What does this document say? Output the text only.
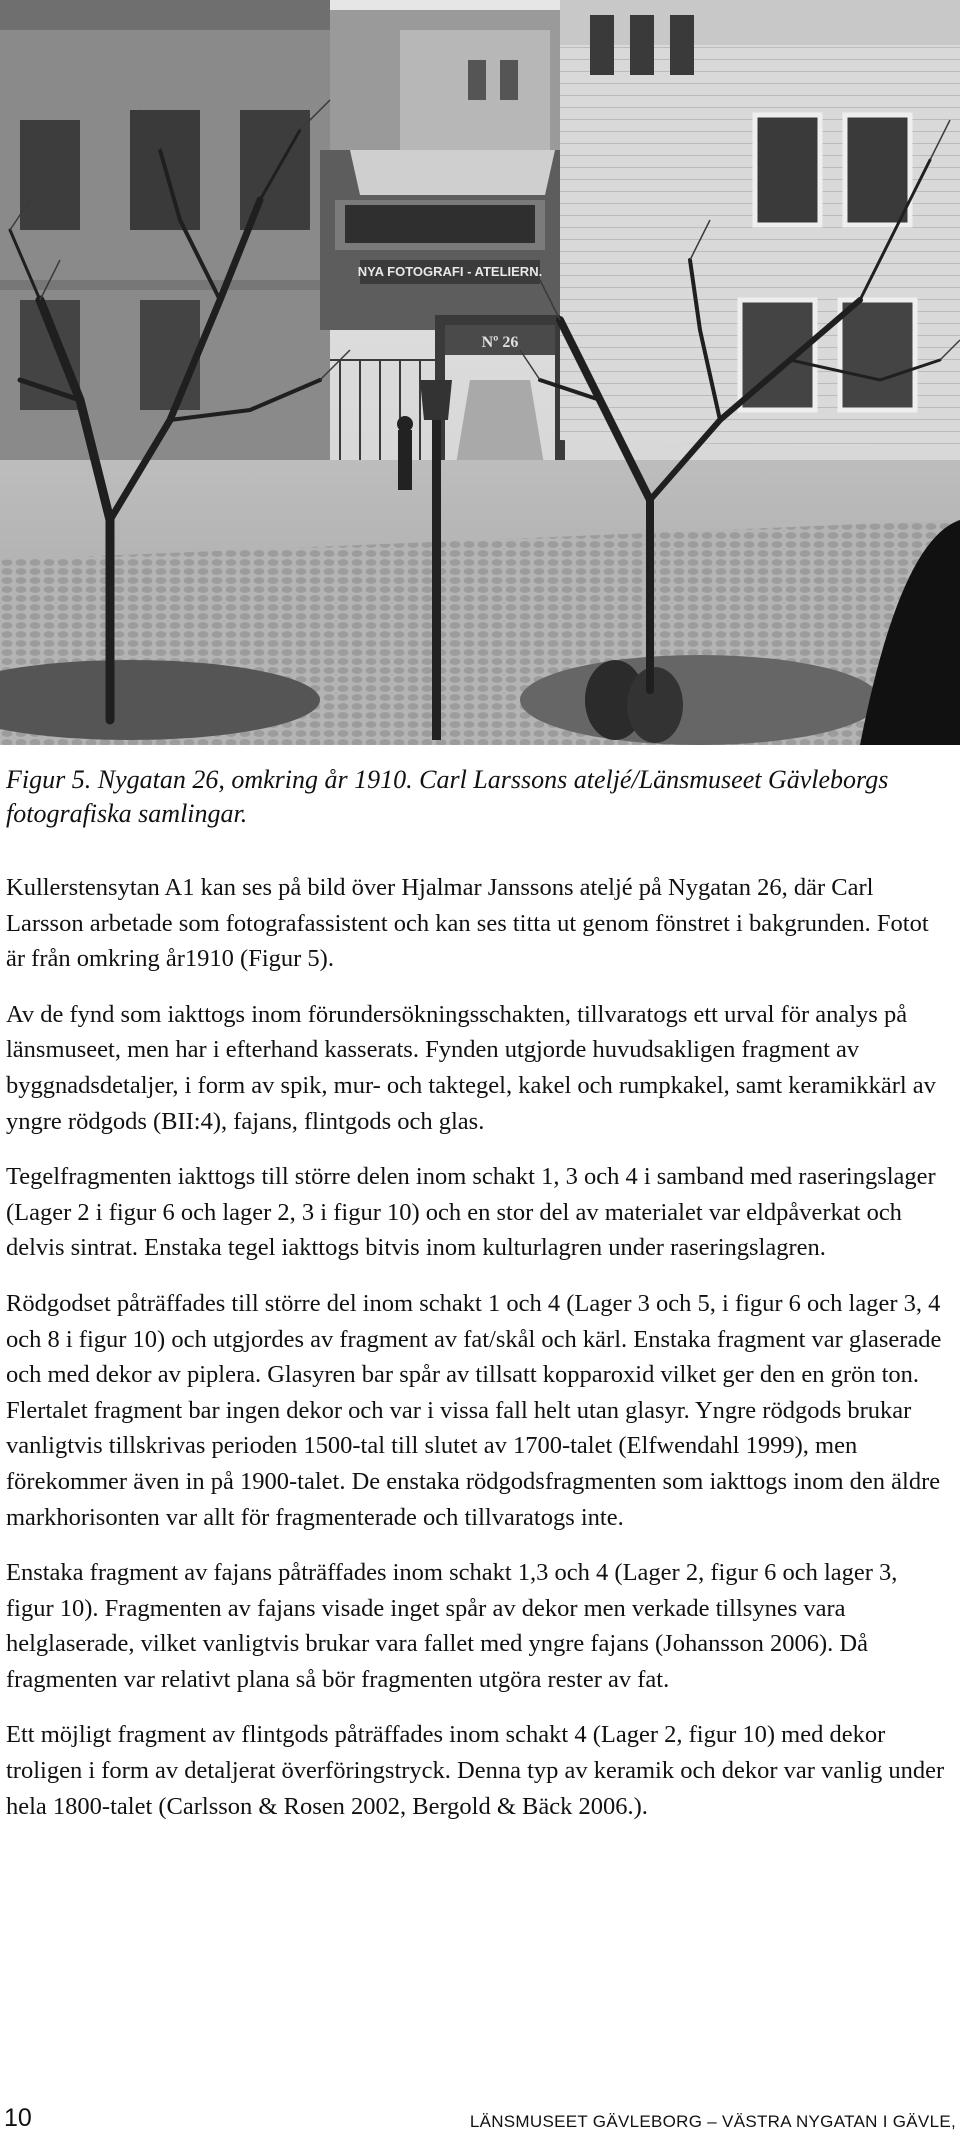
NYA FOTOGRAFI - ATELIERN.
Nº 26

Figur 5. Nygatan 26, omkring år 1910. Carl Larssons ateljé/Länsmuseet Gävleborgs fotografiska samlingar.

Kullerstensytan A1 kan ses på bild över Hjalmar Janssons ateljé på Nygatan 26, där Carl Larsson arbetade som fotografassistent och kan ses titta ut genom fönstret i bakgrunden. Fotot är från omkring år1910 (Figur 5).

Av de fynd som iakttogs inom förundersökningsschakten, tillvaratogs ett urval för analys på länsmuseet, men har i efterhand kasserats. Fynden utgjorde huvudsakligen fragment av byggnadsdetaljer, i form av spik, mur- och taktegel, kakel och rumpkakel, samt keramikkärl av yngre rödgods (BII:4), fajans, flintgods och glas.

Tegelfragmenten iakttogs till större delen inom schakt 1, 3 och 4 i samband med raseringslager (Lager 2 i figur 6 och lager 2, 3 i figur 10) och en stor del av materialet var eldpåverkat och delvis sintrat. Enstaka tegel iakttogs bitvis inom kulturlagren under raseringslagren.

Rödgodset påträffades till större del inom schakt 1 och 4 (Lager 3 och 5, i figur 6 och lager 3, 4 och 8 i figur 10) och utgjordes av fragment av fat/skål och kärl. Enstaka fragment var glaserade och med dekor av piplera. Glasyren bar spår av tillsatt kopparoxid vilket ger den en grön ton. Flertalet fragment bar ingen dekor och var i vissa fall helt utan glasyr. Yngre rödgods brukar vanligtvis tillskrivas perioden 1500-tal till slutet av 1700-talet (Elfwendahl 1999), men förekommer även in på 1900-talet. De enstaka rödgodsfragmenten som iakttogs inom den äldre markhorisonten var allt för fragmenterade och tillvaratogs inte.

Enstaka fragment av fajans påträffades inom schakt 1,3 och 4 (Lager 2, figur 6 och lager 3, figur 10). Fragmenten av fajans visade inget spår av dekor men verkade tillsynes vara helglaserade, vilket vanligtvis brukar vara fallet med yngre fajans (Johansson 2006). Då fragmenten var relativt plana så bör fragmenten utgöra rester av fat.

Ett möjligt fragment av flintgods påträffades inom schakt 4 (Lager 2, figur 10) med dekor troligen i form av detaljerat överföringstryck. Denna typ av keramik och dekor var vanlig under hela 1800-talet (Carlsson & Rosen 2002, Bergold & Bäck 2006.).

10	LÄNSMUSEET GÄVLEBORG – VÄSTRA NYGATAN I GÄVLE,
